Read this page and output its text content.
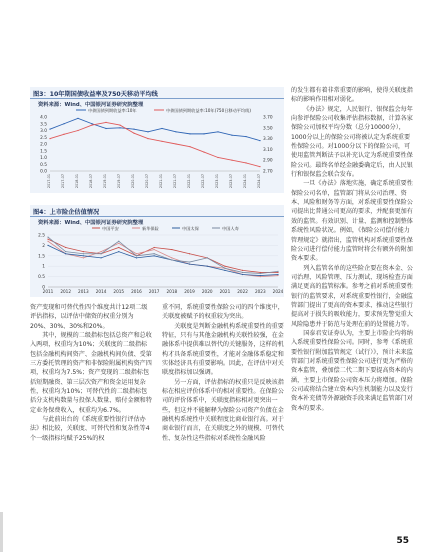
图3：10年期国债收益率及750天移动平均线
资料来源：Wind、中国银河证券研究院整理
中债国债到期收益率:10年	中债国债到期收益率:10年(750日移动平均线)
4.0
3.5
3.0
2.5
2.0
1.5
1.0
0.5
0.0
3.70
3.50
3.30
3.10
2.90
2.70
2017-01	2017-07	2018-01	2018-07	2019-01	2019-07	2020-01	2020-07	2021-01	2021-07	2022-01	2022-07	2023-01	2023-07	2024-01	2024-07
图4：上市险企估值情况
资料来源：Wind、中国银河证券研究院整理
中国平安	新华保险	中国太保	中国人寿
2.5
2
1.5
1
0.5
0
2011 2012 2013 2014 2015 2016 2017 2018 2019 2020 2021 2022 2023 2024

资产变现和可替代性四个维度共计12项二级评估指标，以评估中储资的权重分别为20%、30%、30%和20%。

其中，规模的二级指标包括总资产和总收入两项，权重均为10%；关联度的二级指标包括金融机构间资产、金融机构间负债、受第三方委托管理的资产和非保险附属机构资产四项，权重均为7.5%；资产变现的二级指标包括短期融资、第三层次资产和资金运用复杂性，权重均为10%；可替代性的二级指标包括分支机构数量与投保人数量、赔付金额和特定业务保费收入，权重均为6.7%。

与此前出台的《系统重要性银行评估办法》相比较，关联度、可替代性和复杂性等4个一级指标均赋予25%的权

重不同，系统重要性保险公司的四个维度中，关联度被赋予的权重较为突出。

关联度是判断金融机构系统重要性的重要特征，只有与其他金融机构关联性较强，在金融体系中提供难以替代的关键服务，这样的机构才具备系统重要性，才能对金融体系稳定和实体经济具有重要影响。因此，在评估中对关联度指标加以强调。

另一方面，评估指标的权重只是反映该指标在相应评价体系中的相对重要性。在保险公司的评价体系中，关联度指标相对更突出一些，但这并不能解释为保险公司资产负债在金融机构系统性中关联程度比商业银行高。对于商业银行而言，在关联度之外的规模、可替代性、复杂性这些指标对系统性金融风险

的发生都有着非常重要的影响，使得关联度指标的影响作用相对弱化。

《办法》规定，人民银行、银保监会每年向参评保险公司收集评估指标数据，计算各家保险公司加权平均分数（总分10000分），1000分以上的保险公司将被认定为系统重要性保险公司。对1000分以下的保险公司，可使用监管判断法予以补充认定为系统重要性保险公司。最终名单经金融委确定后，由人民银行和银保监会联合发布。

一旦《办法》落地实施，确定系统重要性保险公司名单，监管部门将从公司治理、资本、风险和财务等方面，对系统重要性保险公司提出比普通公司更高的要求，并配套更加有效的监管。有效识别、计量、监测和控制整体系统性风险状况。例如，《保险公司偿付能力管理规定》就指出，监管机构对系统重要性保险公司进行偿付能力监管时将会有额外的附加资本要求。

列入监管名单的这些险企要在资本金、公司治理、风险管理、压力测试、现场检查方面满足更高的监管标准。参考之前对系统重要性银行的监管要求，对系统重要性银行，金融监管部门提出了更高的资本要求、推动这些银行提高对于损失的吸收能力，要求预先警觉重大风险隐患并于防范与处理在前的处置能力等。

国泰君安证券认为，主要上市险企均将纳入系统重要性保险公司。同时，参考《系统重要性银行附加监管规定（试行）》，预计未来监管部门对系统重要性保险公司进行更为严格的资本监管，叠加偿二代二期下要提高资本的内涵，主要上市保险公司资本压力将增加。保险公司或将结合建立资本内生机制能力以及发行资本补充债等外源融资手段来满足监管部门对资本的要求。

55
